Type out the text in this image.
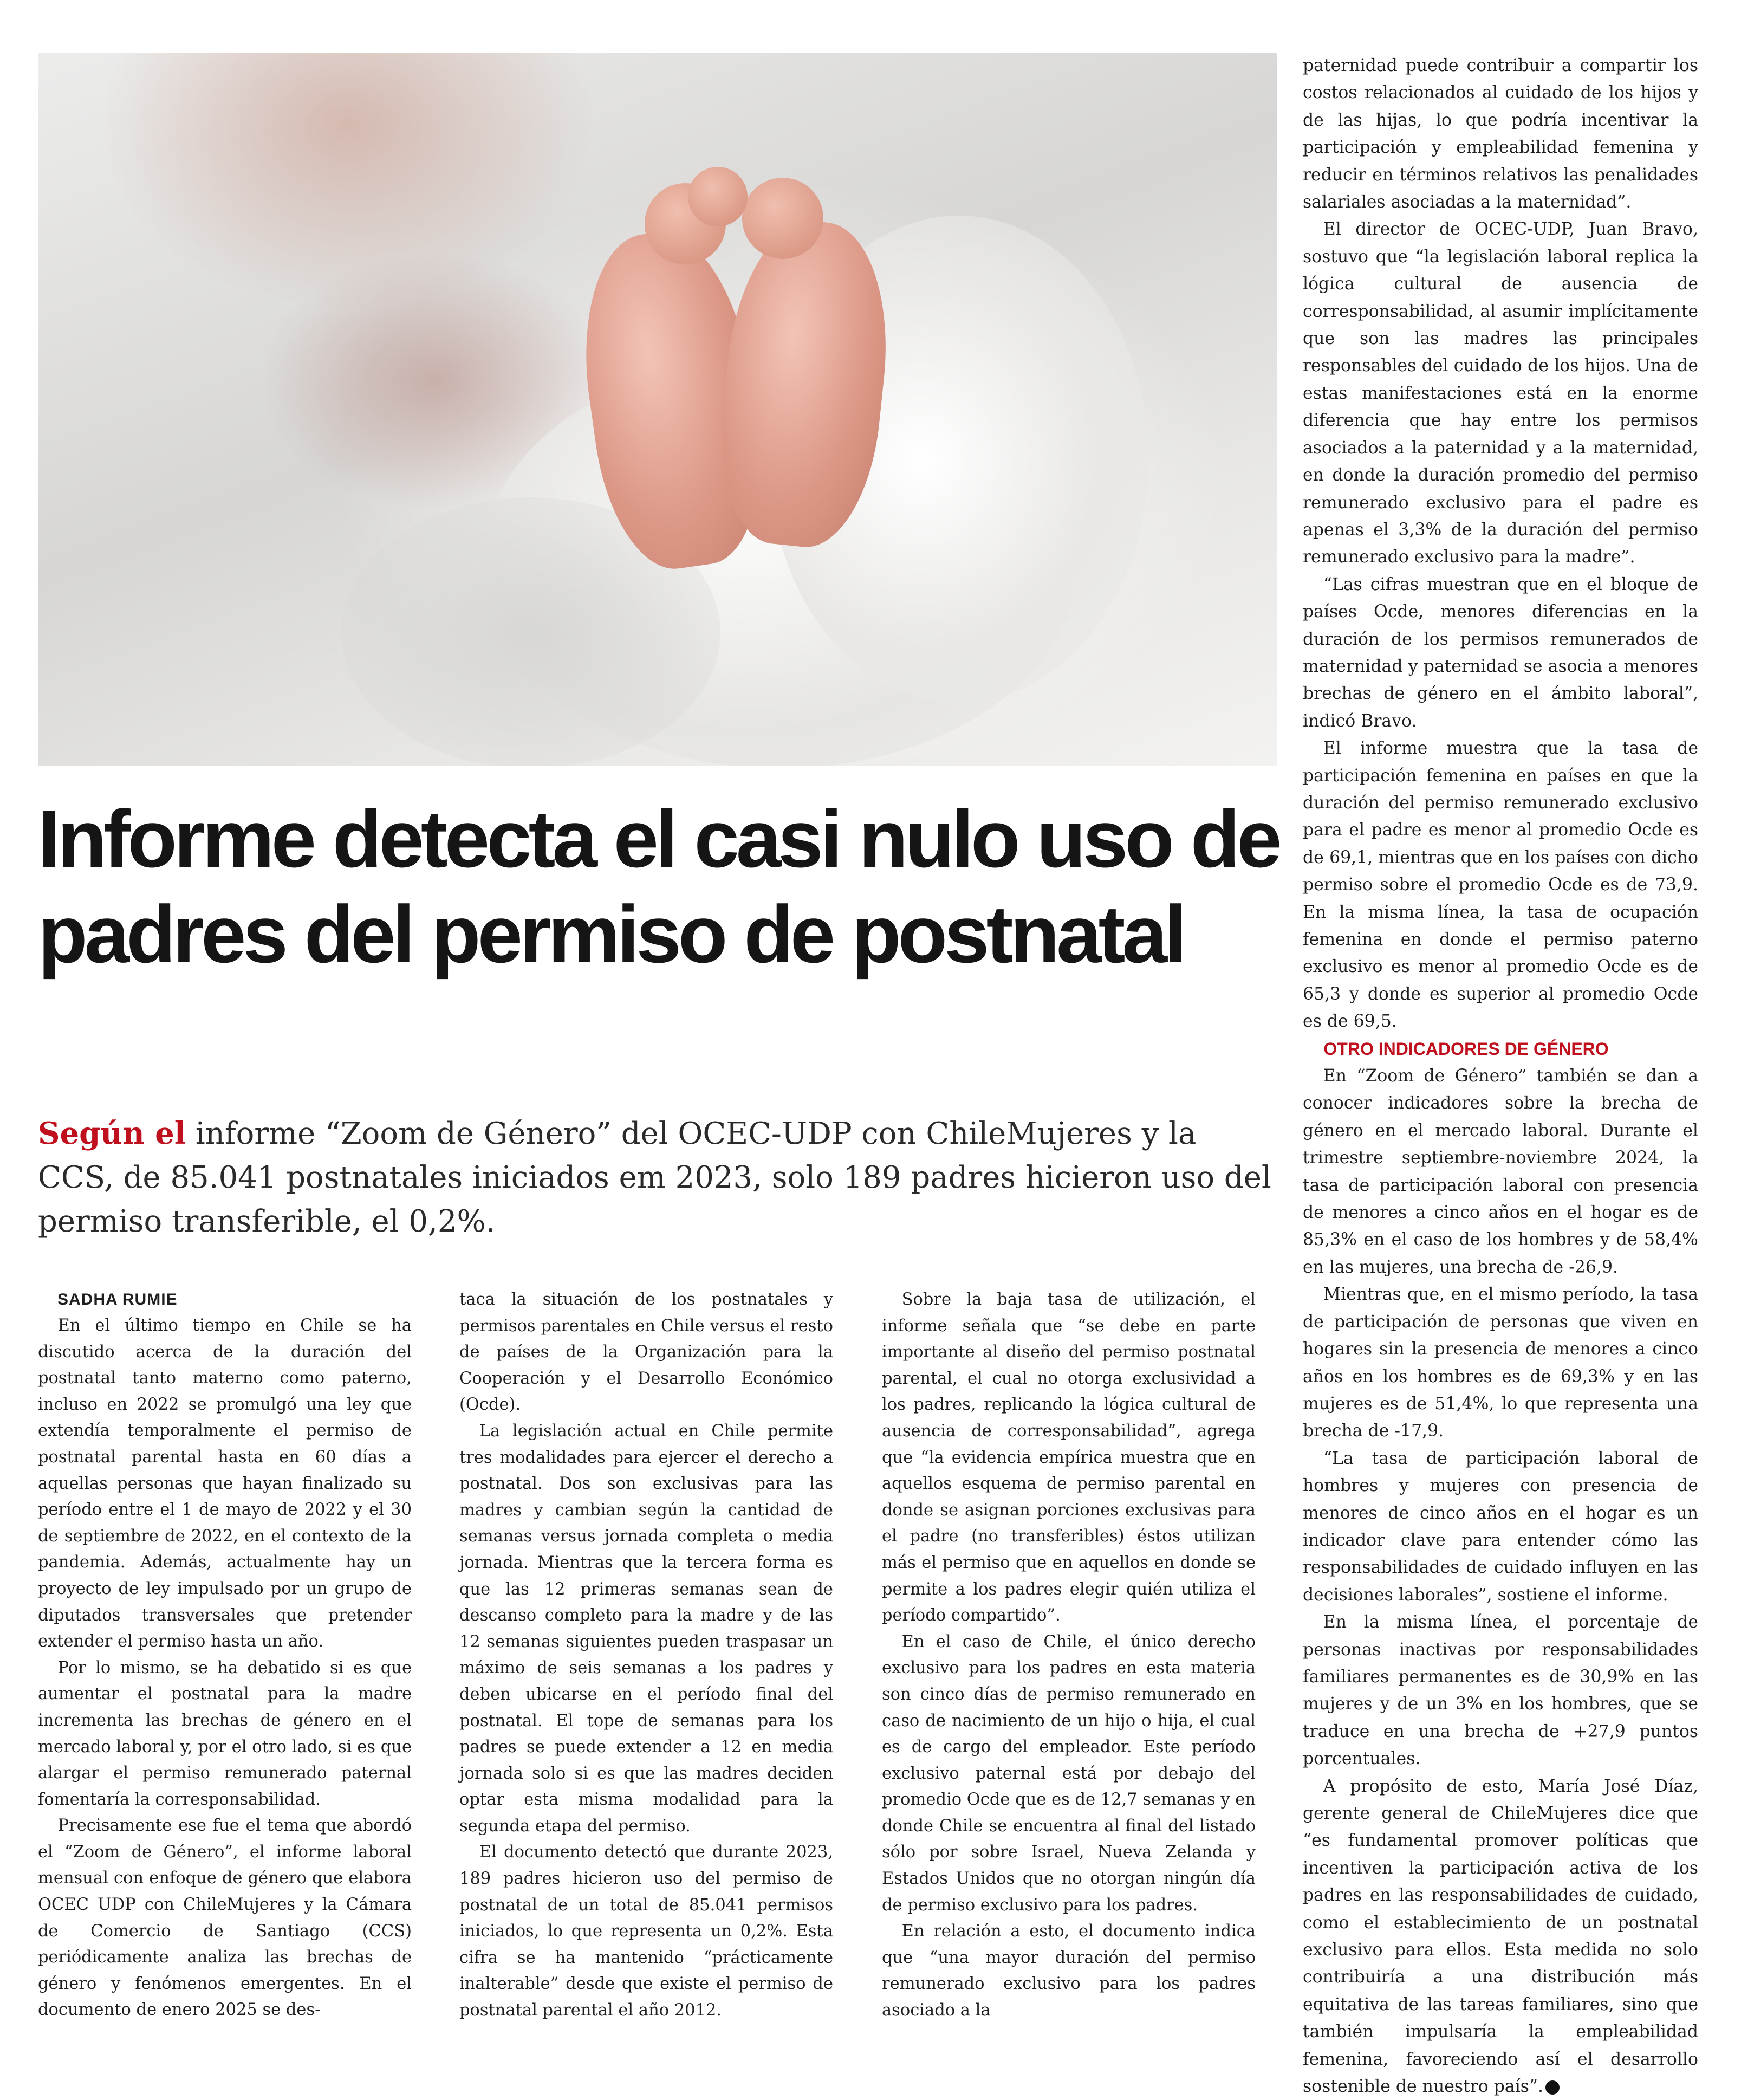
Informe detecta el casi nulo uso de padres del permiso de postnatal

Según el informe “Zoom de Género” del OCEC-UDP con ChileMujeres y la CCS, de 85.041 postnatales iniciados em 2023, solo 189 padres hicieron uso del permiso transferible, el 0,2%.

SADHA RUMIE

En el último tiempo en Chile se ha discutido acerca de la duración del postnatal tanto materno como paterno, incluso en 2022 se promulgó una ley que extendía temporalmente el permiso de postnatal parental hasta en 60 días a aquellas personas que hayan finalizado su período entre el 1 de mayo de 2022 y el 30 de septiembre de 2022, en el contexto de la pandemia. Además, actualmente hay un proyecto de ley impulsado por un grupo de diputados transversales que pretender extender el permiso hasta un año.

Por lo mismo, se ha debatido si es que aumentar el postnatal para la madre incrementa las brechas de género en el mercado laboral y, por el otro lado, si es que alargar el permiso remunerado paternal fomentaría la corresponsabilidad.

Precisamente ese fue el tema que abordó el “Zoom de Género”, el informe laboral mensual con enfoque de género que elabora OCEC UDP con ChileMujeres y la Cámara de Comercio de Santiago (CCS) periódicamente analiza las brechas de género y fenómenos emergentes. En el documento de enero 2025 se des-

taca la situación de los postnatales y permisos parentales en Chile versus el resto de países de la Organización para la Cooperación y el Desarrollo Económico (Ocde).

La legislación actual en Chile permite tres modalidades para ejercer el derecho a postnatal. Dos son exclusivas para las madres y cambian según la cantidad de semanas versus jornada completa o media jornada. Mientras que la tercera forma es que las 12 primeras semanas sean de descanso completo para la madre y de las 12 semanas siguientes pueden traspasar un máximo de seis semanas a los padres y deben ubicarse en el período final del postnatal. El tope de semanas para los padres se puede extender a 12 en media jornada solo si es que las madres deciden optar esta misma modalidad para la segunda etapa del permiso.

El documento detectó que durante 2023, 189 padres hicieron uso del permiso de postnatal de un total de 85.041 permisos iniciados, lo que representa un 0,2%. Esta cifra se ha mantenido “prácticamente inalterable” desde que existe el permiso de postnatal parental el año 2012.

Sobre la baja tasa de utilización, el informe señala que “se debe en parte importante al diseño del permiso postnatal parental, el cual no otorga exclusividad a los padres, replicando la lógica cultural de ausencia de corresponsabilidad”, agrega que “la evidencia empírica muestra que en aquellos esquema de permiso parental en donde se asignan porciones exclusivas para el padre (no transferibles) éstos utilizan más el permiso que en aquellos en donde se permite a los padres elegir quién utiliza el período compartido”.

En el caso de Chile, el único derecho exclusivo para los padres en esta materia son cinco días de permiso remunerado en caso de nacimiento de un hijo o hija, el cual es de cargo del empleador. Este período exclusivo paternal está por debajo del promedio Ocde que es de 12,7 semanas y en donde Chile se encuentra al final del listado sólo por sobre Israel, Nueva Zelanda y Estados Unidos que no otorgan ningún día de permiso exclusivo para los padres.

En relación a esto, el documento indica que “una mayor duración del permiso remunerado exclusivo para los padres asociado a la

paternidad puede contribuir a compartir los costos relacionados al cuidado de los hijos y de las hijas, lo que podría incentivar la participación y empleabilidad femenina y reducir en términos relativos las penalidades salariales asociadas a la maternidad”.

El director de OCEC-UDP, Juan Bravo, sostuvo que “la legislación laboral replica la lógica cultural de ausencia de corresponsabilidad, al asumir implícitamente que son las madres las principales responsables del cuidado de los hijos. Una de estas manifestaciones está en la enorme diferencia que hay entre los permisos asociados a la paternidad y a la maternidad, en donde la duración promedio del permiso remunerado exclusivo para el padre es apenas el 3,3% de la duración del permiso remunerado exclusivo para la madre”.

“Las cifras muestran que en el bloque de países Ocde, menores diferencias en la duración de los permisos remunerados de maternidad y paternidad se asocia a menores brechas de género en el ámbito laboral”, indicó Bravo.

El informe muestra que la tasa de participación femenina en países en que la duración del permiso remunerado exclusivo para el padre es menor al promedio Ocde es de 69,1, mientras que en los países con dicho permiso sobre el promedio Ocde es de 73,9. En la misma línea, la tasa de ocupación femenina en donde el permiso paterno exclusivo es menor al promedio Ocde es de 65,3 y donde es superior al promedio Ocde es de 69,5.

OTRO INDICADORES DE GÉNERO

En “Zoom de Género” también se dan a conocer indicadores sobre la brecha de género en el mercado laboral. Durante el trimestre septiembre-noviembre 2024, la tasa de participación laboral con presencia de menores a cinco años en el hogar es de 85,3% en el caso de los hombres y de 58,4% en las mujeres, una brecha de -26,9.

Mientras que, en el mismo período, la tasa de participación de personas que viven en hogares sin la presencia de menores a cinco años en los hombres es de 69,3% y en las mujeres es de 51,4%, lo que representa una brecha de -17,9.

“La tasa de participación laboral de hombres y mujeres con presencia de menores de cinco años en el hogar es un indicador clave para entender cómo las responsabilidades de cuidado influyen en las decisiones laborales”, sostiene el informe.

En la misma línea, el porcentaje de personas inactivas por responsabilidades familiares permanentes es de 30,9% en las mujeres y de un 3% en los hombres, que se traduce en una brecha de +27,9 puntos porcentuales.

A propósito de esto, María José Díaz, gerente general de ChileMujeres dice que “es fundamental promover políticas que incentiven la participación activa de los padres en las responsabilidades de cuidado, como el establecimiento de un postnatal exclusivo para ellos. Esta medida no solo contribuiría a una distribución más equitativa de las tareas familiares, sino que también impulsaría la empleabilidad femenina, favoreciendo así el desarrollo sostenible de nuestro país”. P
